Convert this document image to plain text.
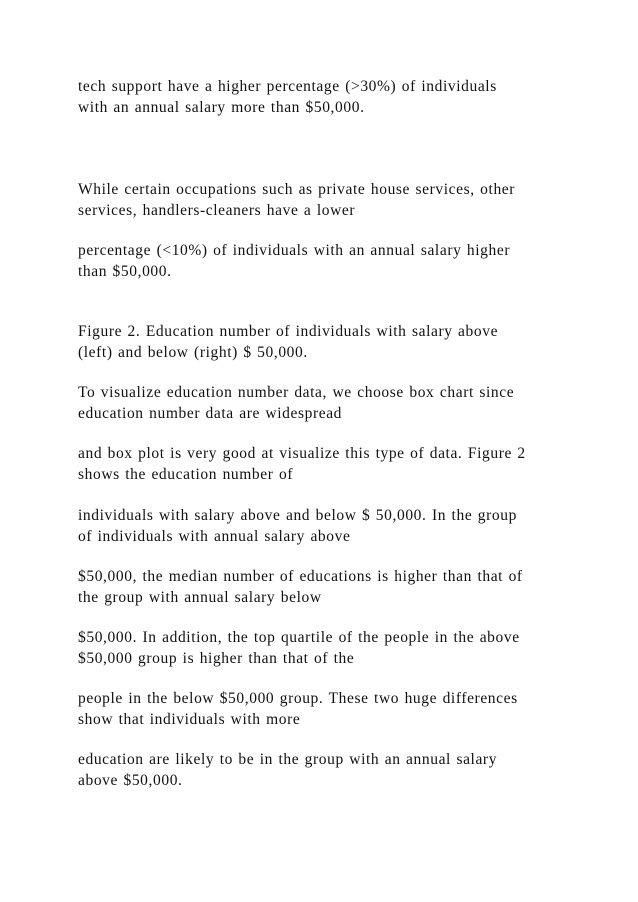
tech support have a higher percentage (>30%) of individuals
with an annual salary more than $50,000.

While certain occupations such as private house services, other
services, handlers-cleaners have a lower

percentage (<10%) of individuals with an annual salary higher
than $50,000.

Figure 2. Education number of individuals with salary above
(left) and below (right) $ 50,000.

To visualize education number data, we choose box chart since
education number data are widespread

and box plot is very good at visualize this type of data. Figure 2
shows the education number of

individuals with salary above and below $ 50,000. In the group
of individuals with annual salary above

$50,000, the median number of educations is higher than that of
the group with annual salary below

$50,000. In addition, the top quartile of the people in the above
$50,000 group is higher than that of the

people in the below $50,000 group. These two huge differences
show that individuals with more

education are likely to be in the group with an annual salary
above $50,000.
